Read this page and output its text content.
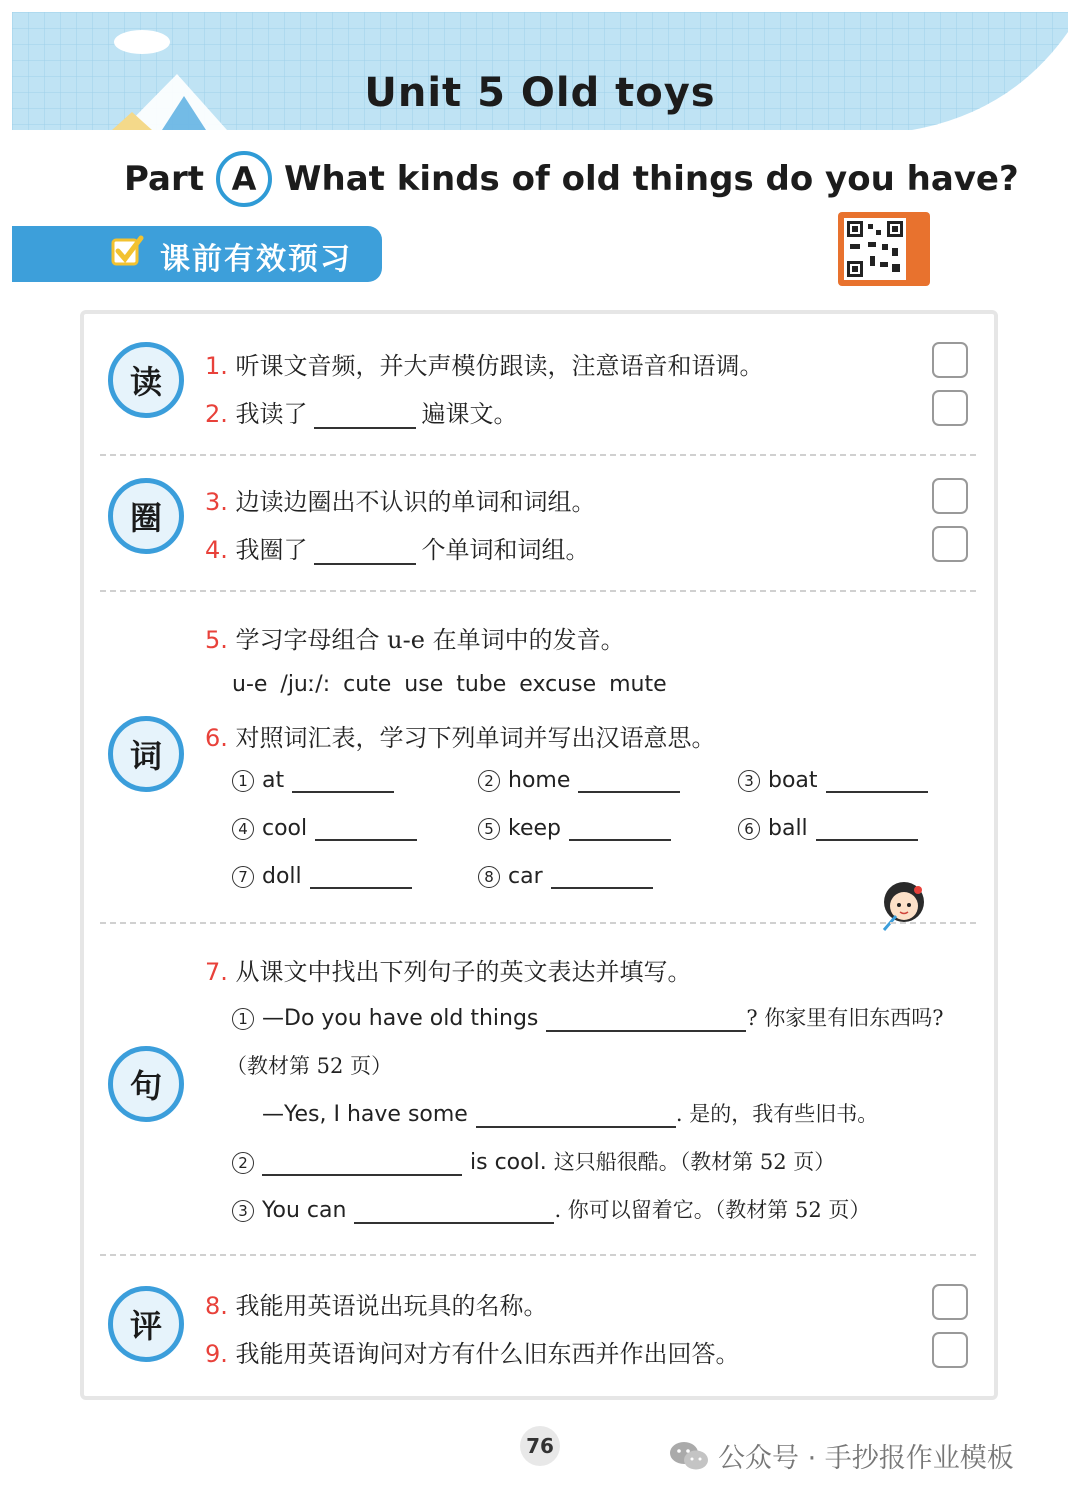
Unit 5 Old toys
Part A What kinds of old things do you have?
课前有效预习
读 1. 听课文音频，并大声模仿跟读，注意语音和语调。
2. 我读了	遍课文。
圈 3. 边读边圈出不认识的单词和词组。
4. 我圈了	个单词和词组。
词
5. 学习字母组合 u-e 在单词中的发音。
u-e /juː/: cute use tube excuse mute
6. 对照词汇表，学习下列单词并写出汉语意思。
1 at	2 home	3 boat
4 cool	5 keep	6 ball
7 doll	8 car
句
7. 从课文中找出下列句子的英文表达并填写。
1 —Do you have old things	? 你家里有旧东西吗?
（教材第 52 页）
—Yes, I have some	. 是的，我有些旧书。
2	is cool. 这只船很酷。（教材第 52 页）
3 You can	. 你可以留着它。（教材第 52 页）
评
8. 我能用英语说出玩具的名称。
9. 我能用英语询问对方有什么旧东西并作出回答。
76	公众号 · 手抄报作业模板
